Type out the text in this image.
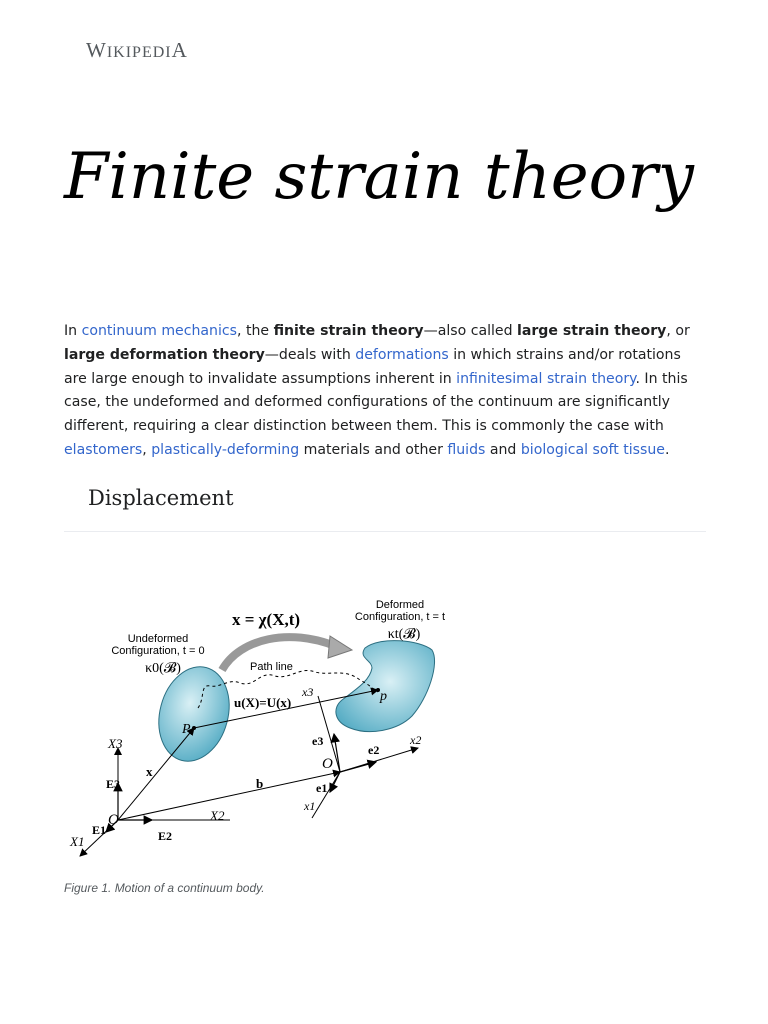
WIKIPEDIA
Finite strain theory

In continuum mechanics, the finite strain theory—also called large strain theory, or large deformation theory—deals with deformations in which strains and/or rotations are large enough to invalidate assumptions inherent in infinitesimal strain theory. In this case, the undeformed and deformed configurations of the continuum are significantly different, requiring a clear distinction between them. This is commonly the case with elastomers, plastically-deforming materials and other fluids and biological soft tissue.

Displacement
Deformed
Configuration, t = t
κt(𝓑)
Undeformed
Configuration, t = 0
κ0(𝓑)
x = χ(X,t)
Path line
u(X)=U(x)
P
p
X3
X2
X1
x3
x2
x1
E3
E2
E1
e3
e2
e1
O
O
x
b
Figure 1. Motion of a continuum body.
